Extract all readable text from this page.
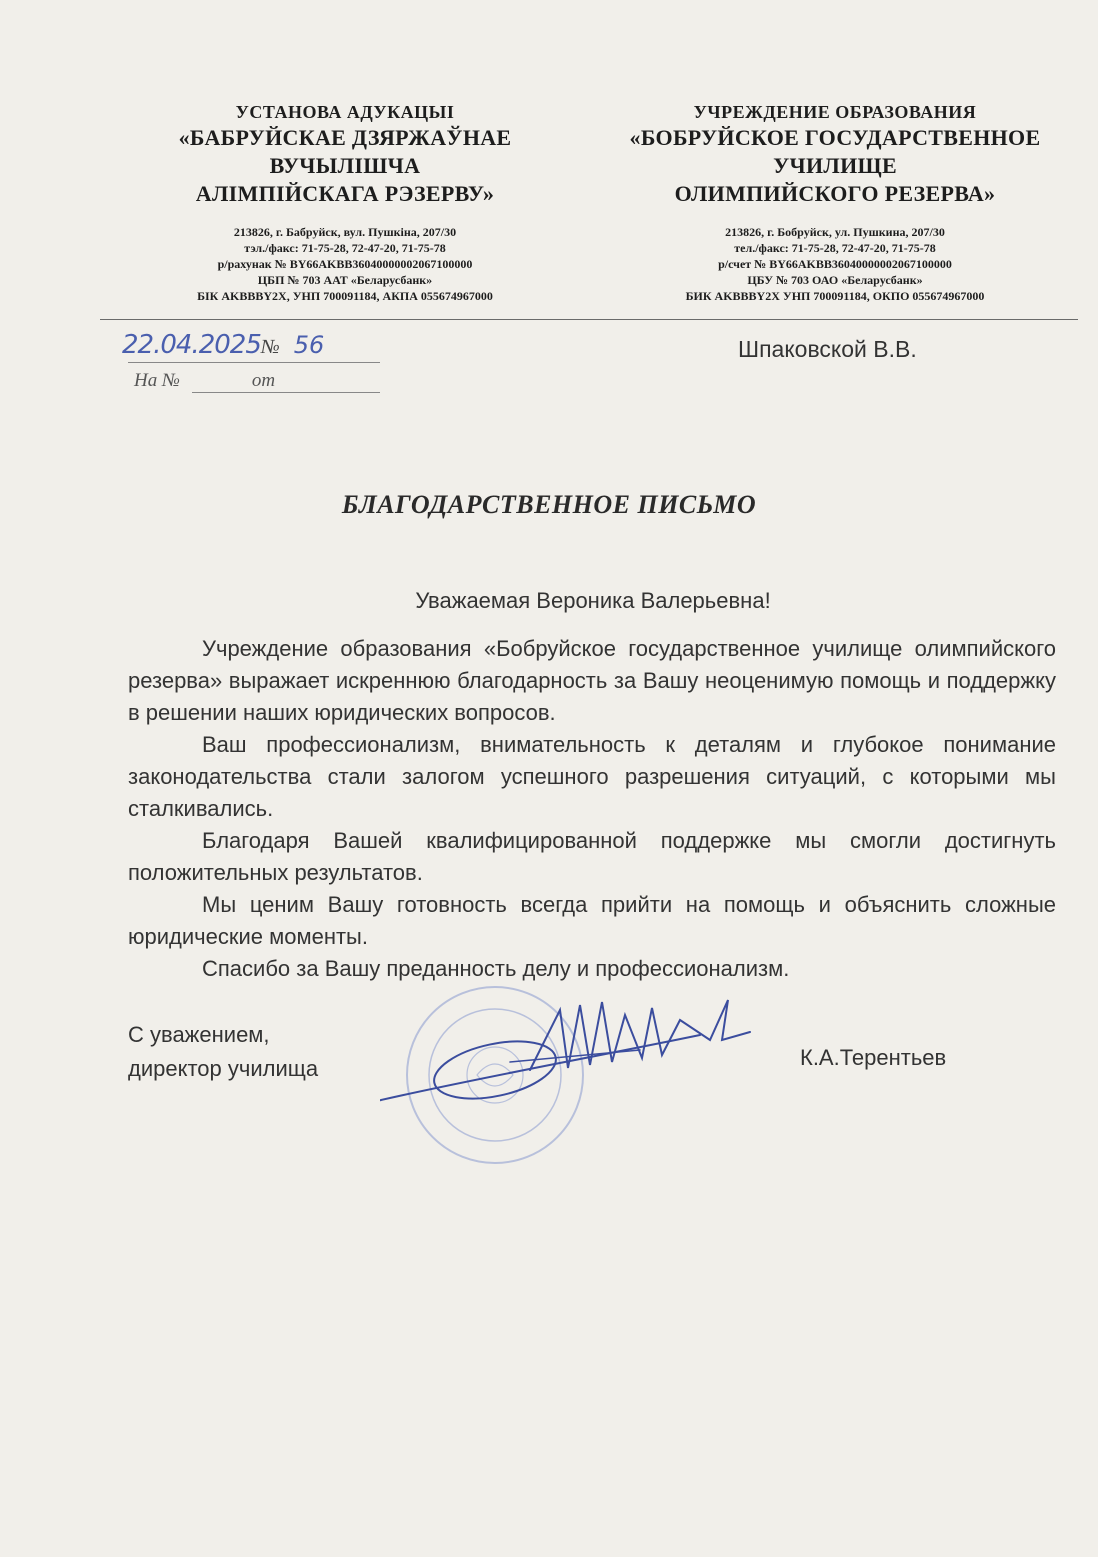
УСТАНОВА АДУКАЦЫІ
«БАБРУЙСКАЕ ДЗЯРЖАЎНАЕ
ВУЧЫЛІШЧА
АЛІМПІЙСКАГА РЭЗЕРВУ»
213826, г. Бабруйск, вул. Пушкіна, 207/30
тэл./факс: 71-75-28, 72-47-20, 71-75-78
р/рахунак № BY66AKBB36040000002067100000
ЦБП № 703 ААТ «Беларусбанк»
БІК AKBBBY2X, УНП 700091184, АКПА 055674967000
УЧРЕЖДЕНИЕ ОБРАЗОВАНИЯ
«БОБРУЙСКОЕ ГОСУДАРСТВЕННОЕ
УЧИЛИЩЕ
ОЛИМПИЙСКОГО РЕЗЕРВА»
213826, г. Бобруйск, ул. Пушкина, 207/30
тел./факс: 71-75-28, 72-47-20, 71-75-78
р/счет № BY66AKBB36040000002067100000
ЦБУ № 703 ОАО «Беларусбанк»
БИК AKBBBY2X УНП 700091184, ОКПО 055674967000
22.04.2025№ 56
На №	от
Шпаковской В.В.
БЛАГОДАРСТВЕННОЕ ПИСЬМО
Уважаемая Вероника Валерьевна!

Учреждение образования «Бобруйское государственное училище олимпийского резерва» выражает искреннюю благодарность за Вашу неоценимую помощь и поддержку в решении наших юридических вопросов.

Ваш профессионализм, внимательность к деталям и глубокое понимание законодательства стали залогом успешного разрешения ситуаций, с которыми мы сталкивались.

Благодаря Вашей квалифицированной поддержке мы смогли достигнуть положительных результатов.

Мы ценим Вашу готовность всегда прийти на помощь и объяснить сложные юридические моменты.

Спасибо за Вашу преданность делу и профессионализм.

С уважением,
директор училища	К.А.Терентьев
